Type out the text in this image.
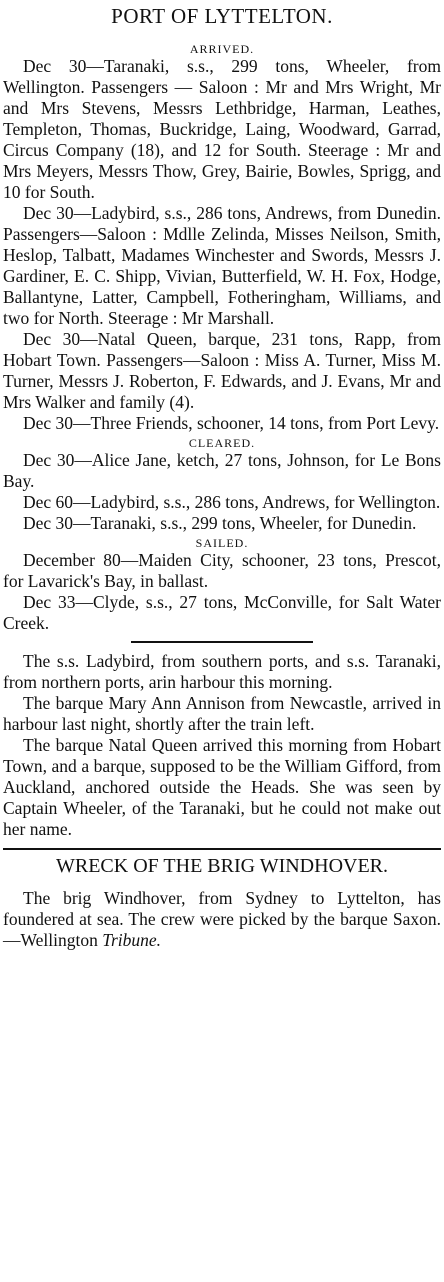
PORT OF LYTTELTON.
ARRIVED.

Dec 30—Taranaki, s.s., 299 tons, Wheeler, from Wellington. Passengers — Saloon : Mr and Mrs Wright, Mr and Mrs Stevens, Messrs Lethbridge, Harman, Leathes, Templeton, Thomas, Buckridge, Laing, Woodward, Garrad, Circus Company (18), and 12 for South. Steerage : Mr and Mrs Meyers, Messrs Thow, Grey, Bairie, Bowles, Sprigg, and 10 for South.

Dec 30—Ladybird, s.s., 286 tons, Andrews, from Dunedin. Passengers—Saloon : Mdlle Zelinda, Misses Neilson, Smith, Heslop, Talbatt, Madames Winchester and Swords, Messrs J. Gardiner, E. C. Shipp, Vivian, Butterfield, W. H. Fox, Hodge, Ballantyne, Latter, Campbell, Fotheringham, Williams, and two for North. Steerage : Mr Marshall.

Dec 30—Natal Queen, barque, 231 tons, Rapp, from Hobart Town. Passengers—Saloon : Miss A. Turner, Miss M. Turner, Messrs J. Roberton, F. Edwards, and J. Evans, Mr and Mrs Walker and family (4).

Dec 30—Three Friends, schooner, 14 tons, from Port Levy.

CLEARED.

Dec 30—Alice Jane, ketch, 27 tons, Johnson, for Le Bons Bay.

Dec 60—Ladybird, s.s., 286 tons, Andrews, for Wellington.

Dec 30—Taranaki, s.s., 299 tons, Wheeler, for Dunedin.

SAILED.

December 80—Maiden City, schooner, 23 tons, Prescot, for Lavarick's Bay, in ballast.

Dec 33—Clyde, s.s., 27 tons, McConville, for Salt Water Creek.

The s.s. Ladybird, from southern ports, and s.s. Taranaki, from northern ports, arin harbour this morning.

The barque Mary Ann Annison from Newcastle, arrived in harbour last night, shortly after the train left.

The barque Natal Queen arrived this morning from Hobart Town, and a barque, supposed to be the William Gifford, from Auckland, anchored outside the Heads. She was seen by Captain Wheeler, of the Taranaki, but he could not make out her name.

WRECK OF THE BRIG WINDHOVER.

The brig Windhover, from Sydney to Lyttelton, has foundered at sea. The crew were picked by the barque Saxon.—Wellington Tribune.
